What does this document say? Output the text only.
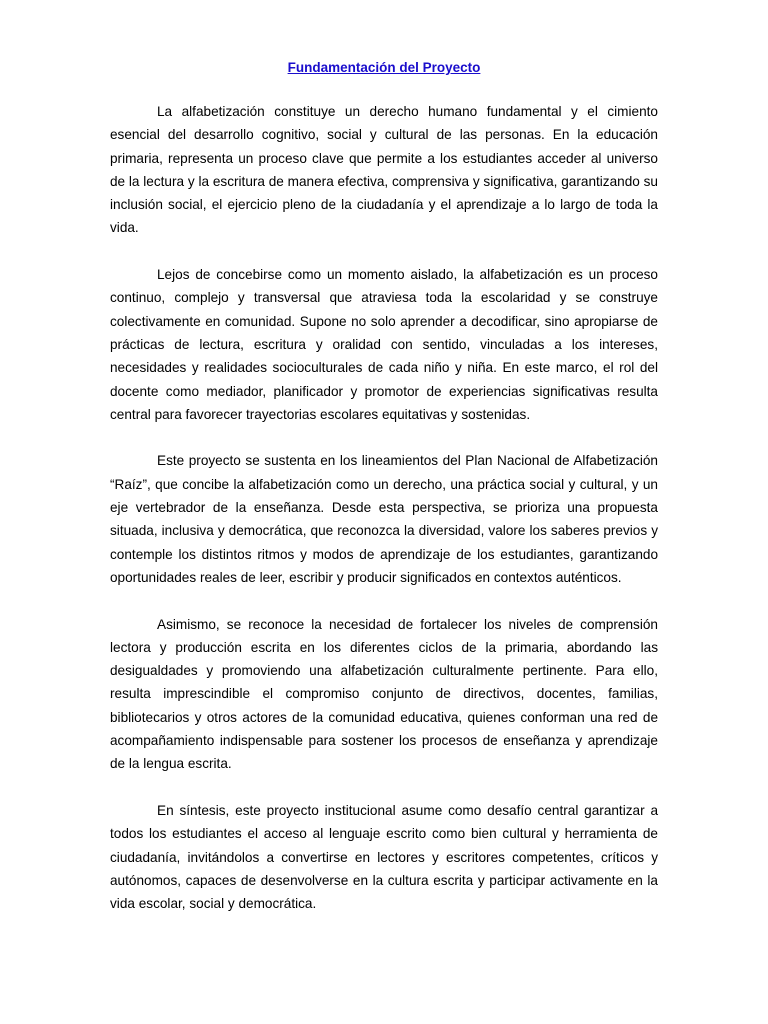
Fundamentación del Proyecto

La alfabetización constituye un derecho humano fundamental y el cimiento esencial del desarrollo cognitivo, social y cultural de las personas. En la educación primaria, representa un proceso clave que permite a los estudiantes acceder al universo de la lectura y la escritura de manera efectiva, comprensiva y significativa, garantizando su inclusión social, el ejercicio pleno de la ciudadanía y el aprendizaje a lo largo de toda la vida.

Lejos de concebirse como un momento aislado, la alfabetización es un proceso continuo, complejo y transversal que atraviesa toda la escolaridad y se construye colectivamente en comunidad. Supone no solo aprender a decodificar, sino apropiarse de prácticas de lectura, escritura y oralidad con sentido, vinculadas a los intereses, necesidades y realidades socioculturales de cada niño y niña. En este marco, el rol del docente como mediador, planificador y promotor de experiencias significativas resulta central para favorecer trayectorias escolares equitativas y sostenidas.

Este proyecto se sustenta en los lineamientos del Plan Nacional de Alfabetización “Raíz”, que concibe la alfabetización como un derecho, una práctica social y cultural, y un eje vertebrador de la enseñanza. Desde esta perspectiva, se prioriza una propuesta situada, inclusiva y democrática, que reconozca la diversidad, valore los saberes previos y contemple los distintos ritmos y modos de aprendizaje de los estudiantes, garantizando oportunidades reales de leer, escribir y producir significados en contextos auténticos.

Asimismo, se reconoce la necesidad de fortalecer los niveles de comprensión lectora y producción escrita en los diferentes ciclos de la primaria, abordando las desigualdades y promoviendo una alfabetización culturalmente pertinente. Para ello, resulta imprescindible el compromiso conjunto de directivos, docentes, familias, bibliotecarios y otros actores de la comunidad educativa, quienes conforman una red de acompañamiento indispensable para sostener los procesos de enseñanza y aprendizaje de la lengua escrita.

En síntesis, este proyecto institucional asume como desafío central garantizar a todos los estudiantes el acceso al lenguaje escrito como bien cultural y herramienta de ciudadanía, invitándolos a convertirse en lectores y escritores competentes, críticos y autónomos, capaces de desenvolverse en la cultura escrita y participar activamente en la vida escolar, social y democrática.
